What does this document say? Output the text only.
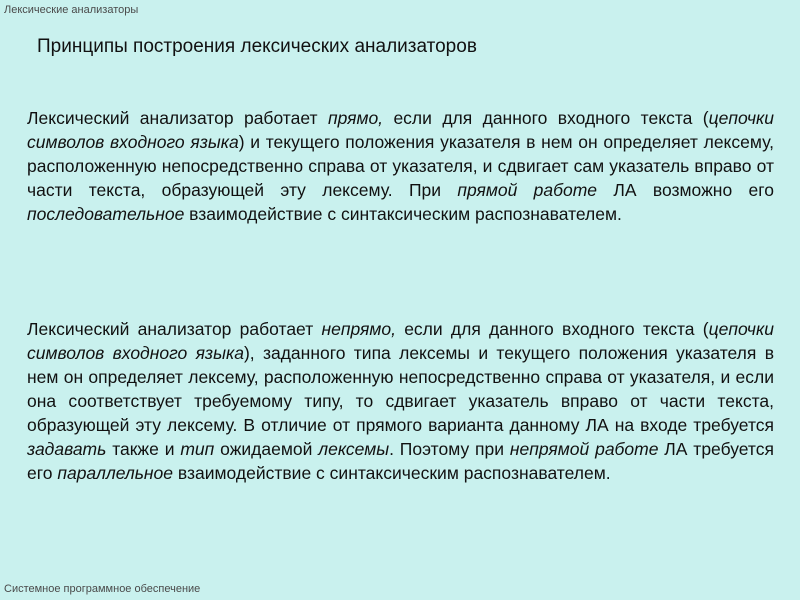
Лексические анализаторы
Принципы построения лексических анализаторов

Лексический анализатор работает прямо, если для данного входного текста (цепочки символов входного языка) и текущего положения указателя в нем он определяет лексему, расположенную непосредственно справа от указателя, и сдвигает сам указатель вправо от части текста, образующей эту лексему. При прямой работе ЛА возможно его последовательное взаимодействие с синтаксическим распознавателем.

Лексический анализатор работает непрямо, если для данного входного текста (цепочки символов входного языка), заданного типа лексемы и текущего положения указателя в нем он определяет лексему, расположенную непосредственно справа от указателя, и если она соответствует требуемому типу, то сдвигает указатель вправо от части текста, образующей эту лексему. В отличие от прямого варианта данному ЛА на входе требуется задавать также и тип ожидаемой лексемы. Поэтому при непрямой работе ЛА требуется его параллельное взаимодействие с синтаксическим распознавателем.

Системное программное обеспечение
